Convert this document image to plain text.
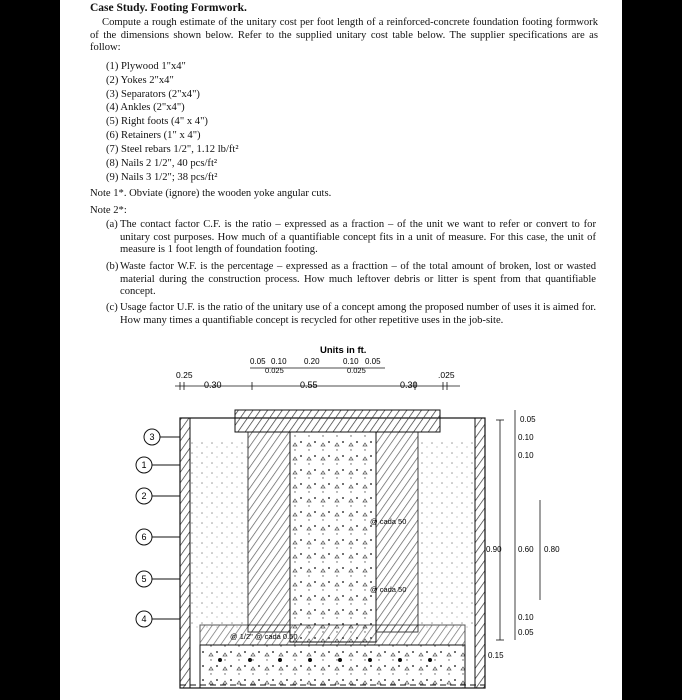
Case Study. Footing Formwork.
Compute a rough estimate of the unitary cost per foot length of a reinforced-concrete foundation footing formwork of the dimensions shown below. Refer to the supplied unitary cost table below. The supplier specifications are as follow:
(1) Plywood 1"x4"
(2) Yokes 2"x4"
(3) Separators (2"x4")
(4) Ankles (2"x4")
(5) Right foots (4" x 4")
(6) Retainers (1" x 4")
(7) Steel rebars 1/2", 1.12 lb/ft²
(8) Nails 2 1/2", 40 pcs/ft²
(9) Nails 3 1/2"; 38 pcs/ft²
Note 1*. Obviate (ignore) the wooden yoke angular cuts.
Note 2*:
(a) The contact factor C.F. is the ratio – expressed as a fraction – of the unit we want to refer or convert to for unitary cost purposes. How much of a quantifiable concept fits in a unit of measure. For this case, the unit of measure is 1 foot length of foundation footing.
(b) Waste factor W.F. is the percentage – expressed as a fracttion – of the total amount of broken, lost or wasted material during the construction process. How much leftover debris or litter is spent from that quantifiable concept.
(c) Usage factor U.F. is the ratio of the unitary use of a concept among the proposed number of uses it is aimed for. How many times a quantifiable concept is recycled for other repetitive uses in the job-site.
Units in ft.
0.05 0.10 0.20	0.10 0.05
0.025	0.025
0.55
0.25
0.30	0.30
.025
@ cada 50
@ cada 50
@ 1/2" @ cada 0.50
3
1
2
6
5
4
0.05
0.10
0.10
0.90 0.60 0.80
0.10
0.05
0.15
